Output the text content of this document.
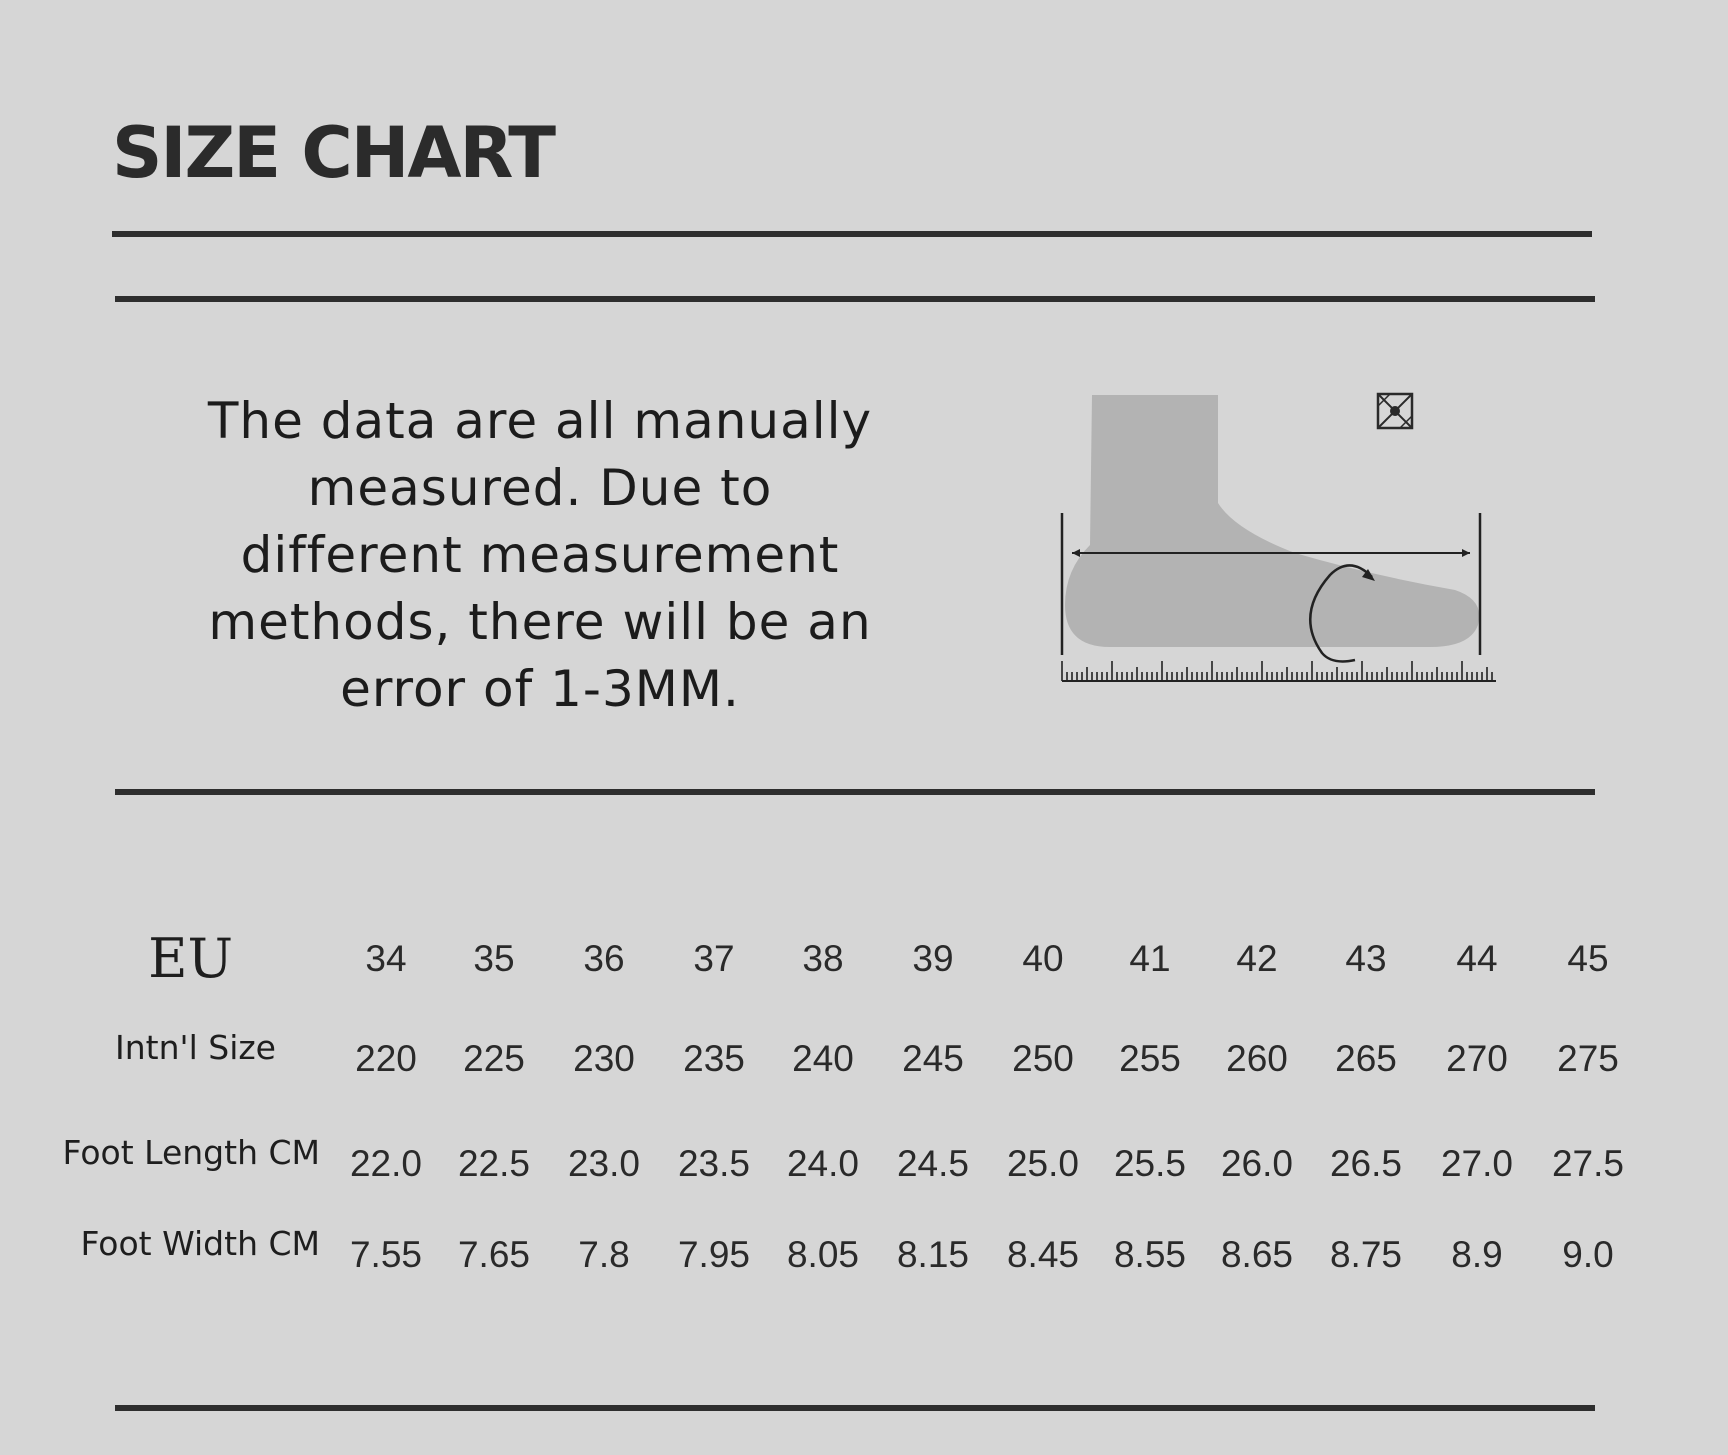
SIZE CHART
The data are all manually
measured. Due to
different measurement
methods, there will be an
error of 1-3MM.
EU	34	35	36	37	38	39	40	41	42	43	44	45
Intn'l Size	220	225	230	235	240	245	250	255	260	265	270	275
Foot Length CM 22.0 22.5	23.0	23.5 24.0	24.5	25.0 25.5 26.0 26.5	27.0	27.5
Foot Width CM 7.55 7.65	7.8	7.95 8.05	8.15	8.45 8.55 8.65 8.75	8.9	9.0
